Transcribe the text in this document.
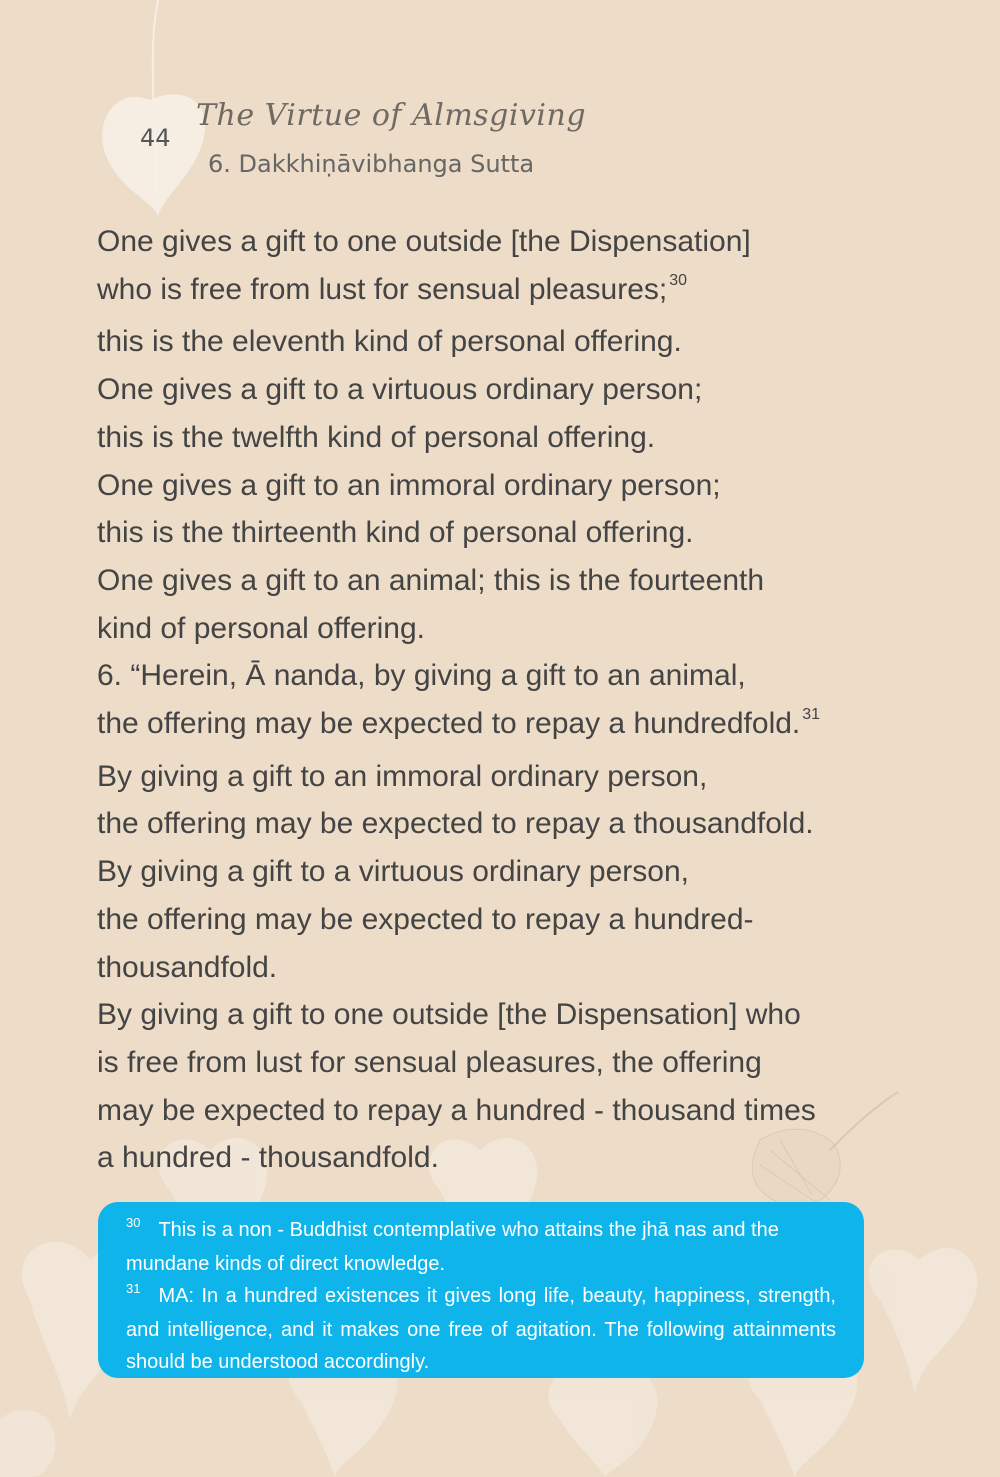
44
The Virtue of Almsgiving
6. Dakkhiṇāvibhanga Sutta
One gives a gift to one outside [the Dispensation]
who is free from lust for sensual pleasures; $^{30}$
this is the eleventh kind of personal offering.
One gives a gift to a virtuous ordinary person;
this is the twelfth kind of personal offering.
One gives a gift to an immoral ordinary person;
this is the thirteenth kind of personal offering.
One gives a gift to an animal; this is the fourteenth
kind of personal offering.
6. “Herein, Ā nanda, by giving a gift to an animal,
the offering may be expected to repay a hundredfold. $^{31}$
By giving a gift to an immoral ordinary person,
the offering may be expected to repay a thousandfold.
By giving a gift to a virtuous ordinary person,
the offering may be expected to repay a hundred-
thousandfold.
By giving a gift to one outside [the Dispensation] who
is free from lust for sensual pleasures, the offering
may be expected to repay a hundred - thousand times
a hundred - thousandfold.
$^{30}$ This is a non - Buddhist contemplative who attains the jhā nas and the mundane kinds of direct knowledge.
$^{31}$ MA: In a hundred existences it gives long life, beauty, happiness, strength, and intelligence, and it makes one free of agitation. The following attainments should be understood accordingly.
